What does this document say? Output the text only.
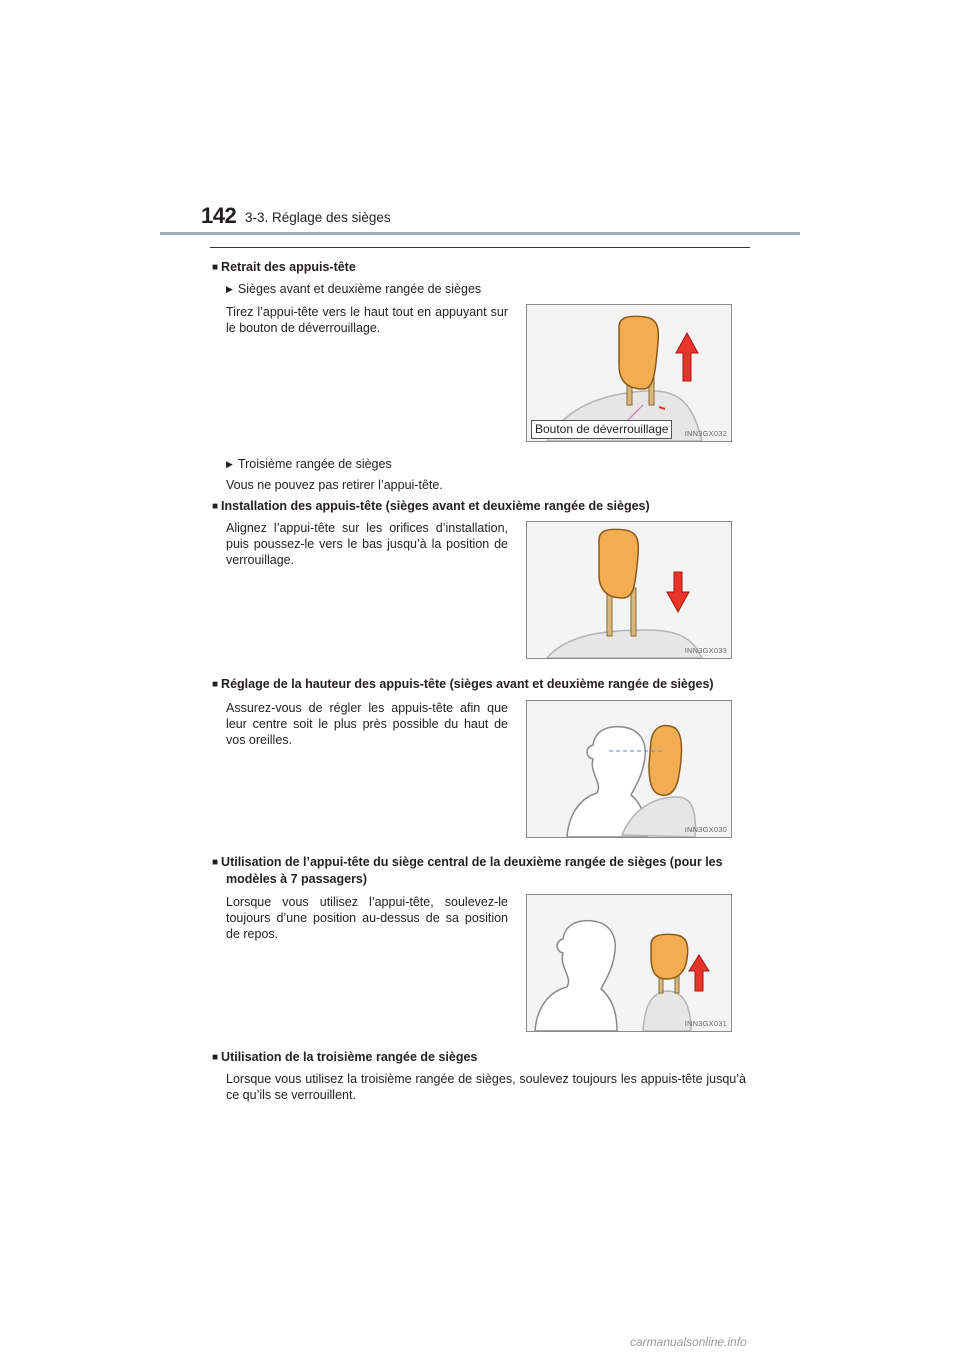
142 3-3. Réglage des sièges
■ Retrait des appuis-tête
▶ Sièges avant et deuxième rangée de sièges
Tirez l’appui-tête vers le haut tout en appuyant sur le bouton de déverrouillage.
Bouton de déverrouillage	INN3GX032
▶ Troisième rangée de sièges
Vous ne pouvez pas retirer l’appui-tête.
■ Installation des appuis-tête (sièges avant et deuxième rangée de sièges)
Alignez l’appui-tête sur les orifices d’installation, puis poussez-le vers le bas jusqu’à la position de verrouillage.
INN3GX033
■ Réglage de la hauteur des appuis-tête (sièges avant et deuxième rangée de sièges)
Assurez-vous de régler les appuis-tête afin que leur centre soit le plus près possible du haut de vos oreilles.
INN3GX030
■ Utilisation de l’appui-tête du siège central de la deuxième rangée de sièges (pour les
modèles à 7 passagers)
Lorsque vous utilisez l’appui-tête, soulevez-le toujours d’une position au-dessus de sa position de repos.
INN3GX031
■ Utilisation de la troisième rangée de sièges
Lorsque vous utilisez la troisième rangée de sièges, soulevez toujours les appuis-tête jusqu’à ce qu’ils se verrouillent.
carmanualsonline.info
